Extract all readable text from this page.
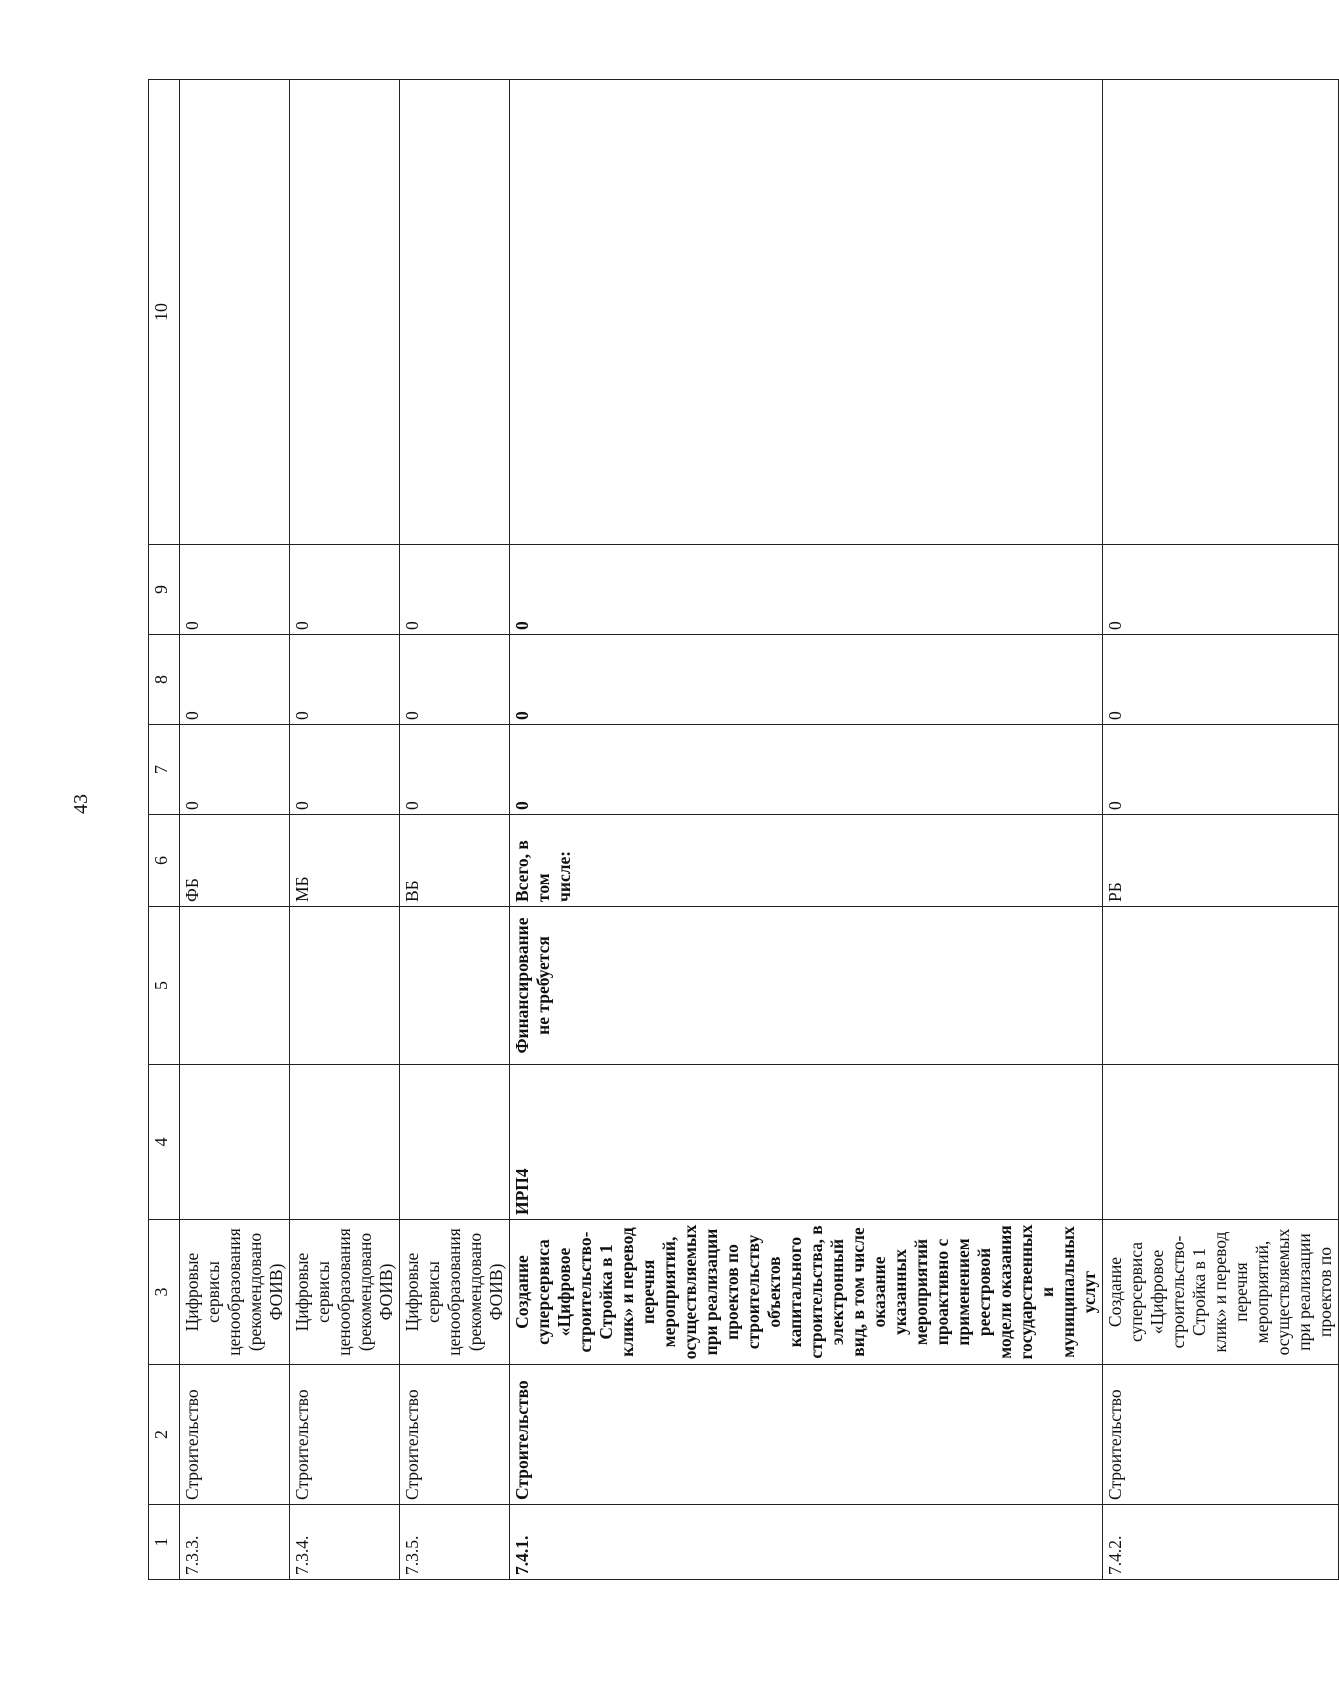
43
1	2	3	4	5	6	7	8	9	10
7.3.3.	Строительство	Цифровые сервисы ценообразования (рекомендовано ФОИВ)			ФБ	0	0	0	
7.3.4.	Строительство	Цифровые сервисы ценообразования (рекомендовано ФОИВ)			МБ	0	0	0	
7.3.5.	Строительство	Цифровые сервисы ценообразования (рекомендовано ФОИВ)			ВБ	0	0	0	
7.4.1.	Строительство	Создание суперсервиса «Цифровое строительство-Стройка в 1 клик» и перевод перечня мероприятий, осуществляемых при реализации проектов по строительству объектов капитального строительства, в электронный вид, в том числе оказание указанных мероприятий проактивно с применением реестровой модели оказания государственных и муниципальных услуг	ИРП4	Финансирование не требуется	Всего, в том числе:	0	0	0	
7.4.2.	Строительство	Создание суперсервиса «Цифровое строительство-Стройка в 1 клик» и перевод перечня мероприятий, осуществляемых при реализации проектов по			РБ	0	0	0	
